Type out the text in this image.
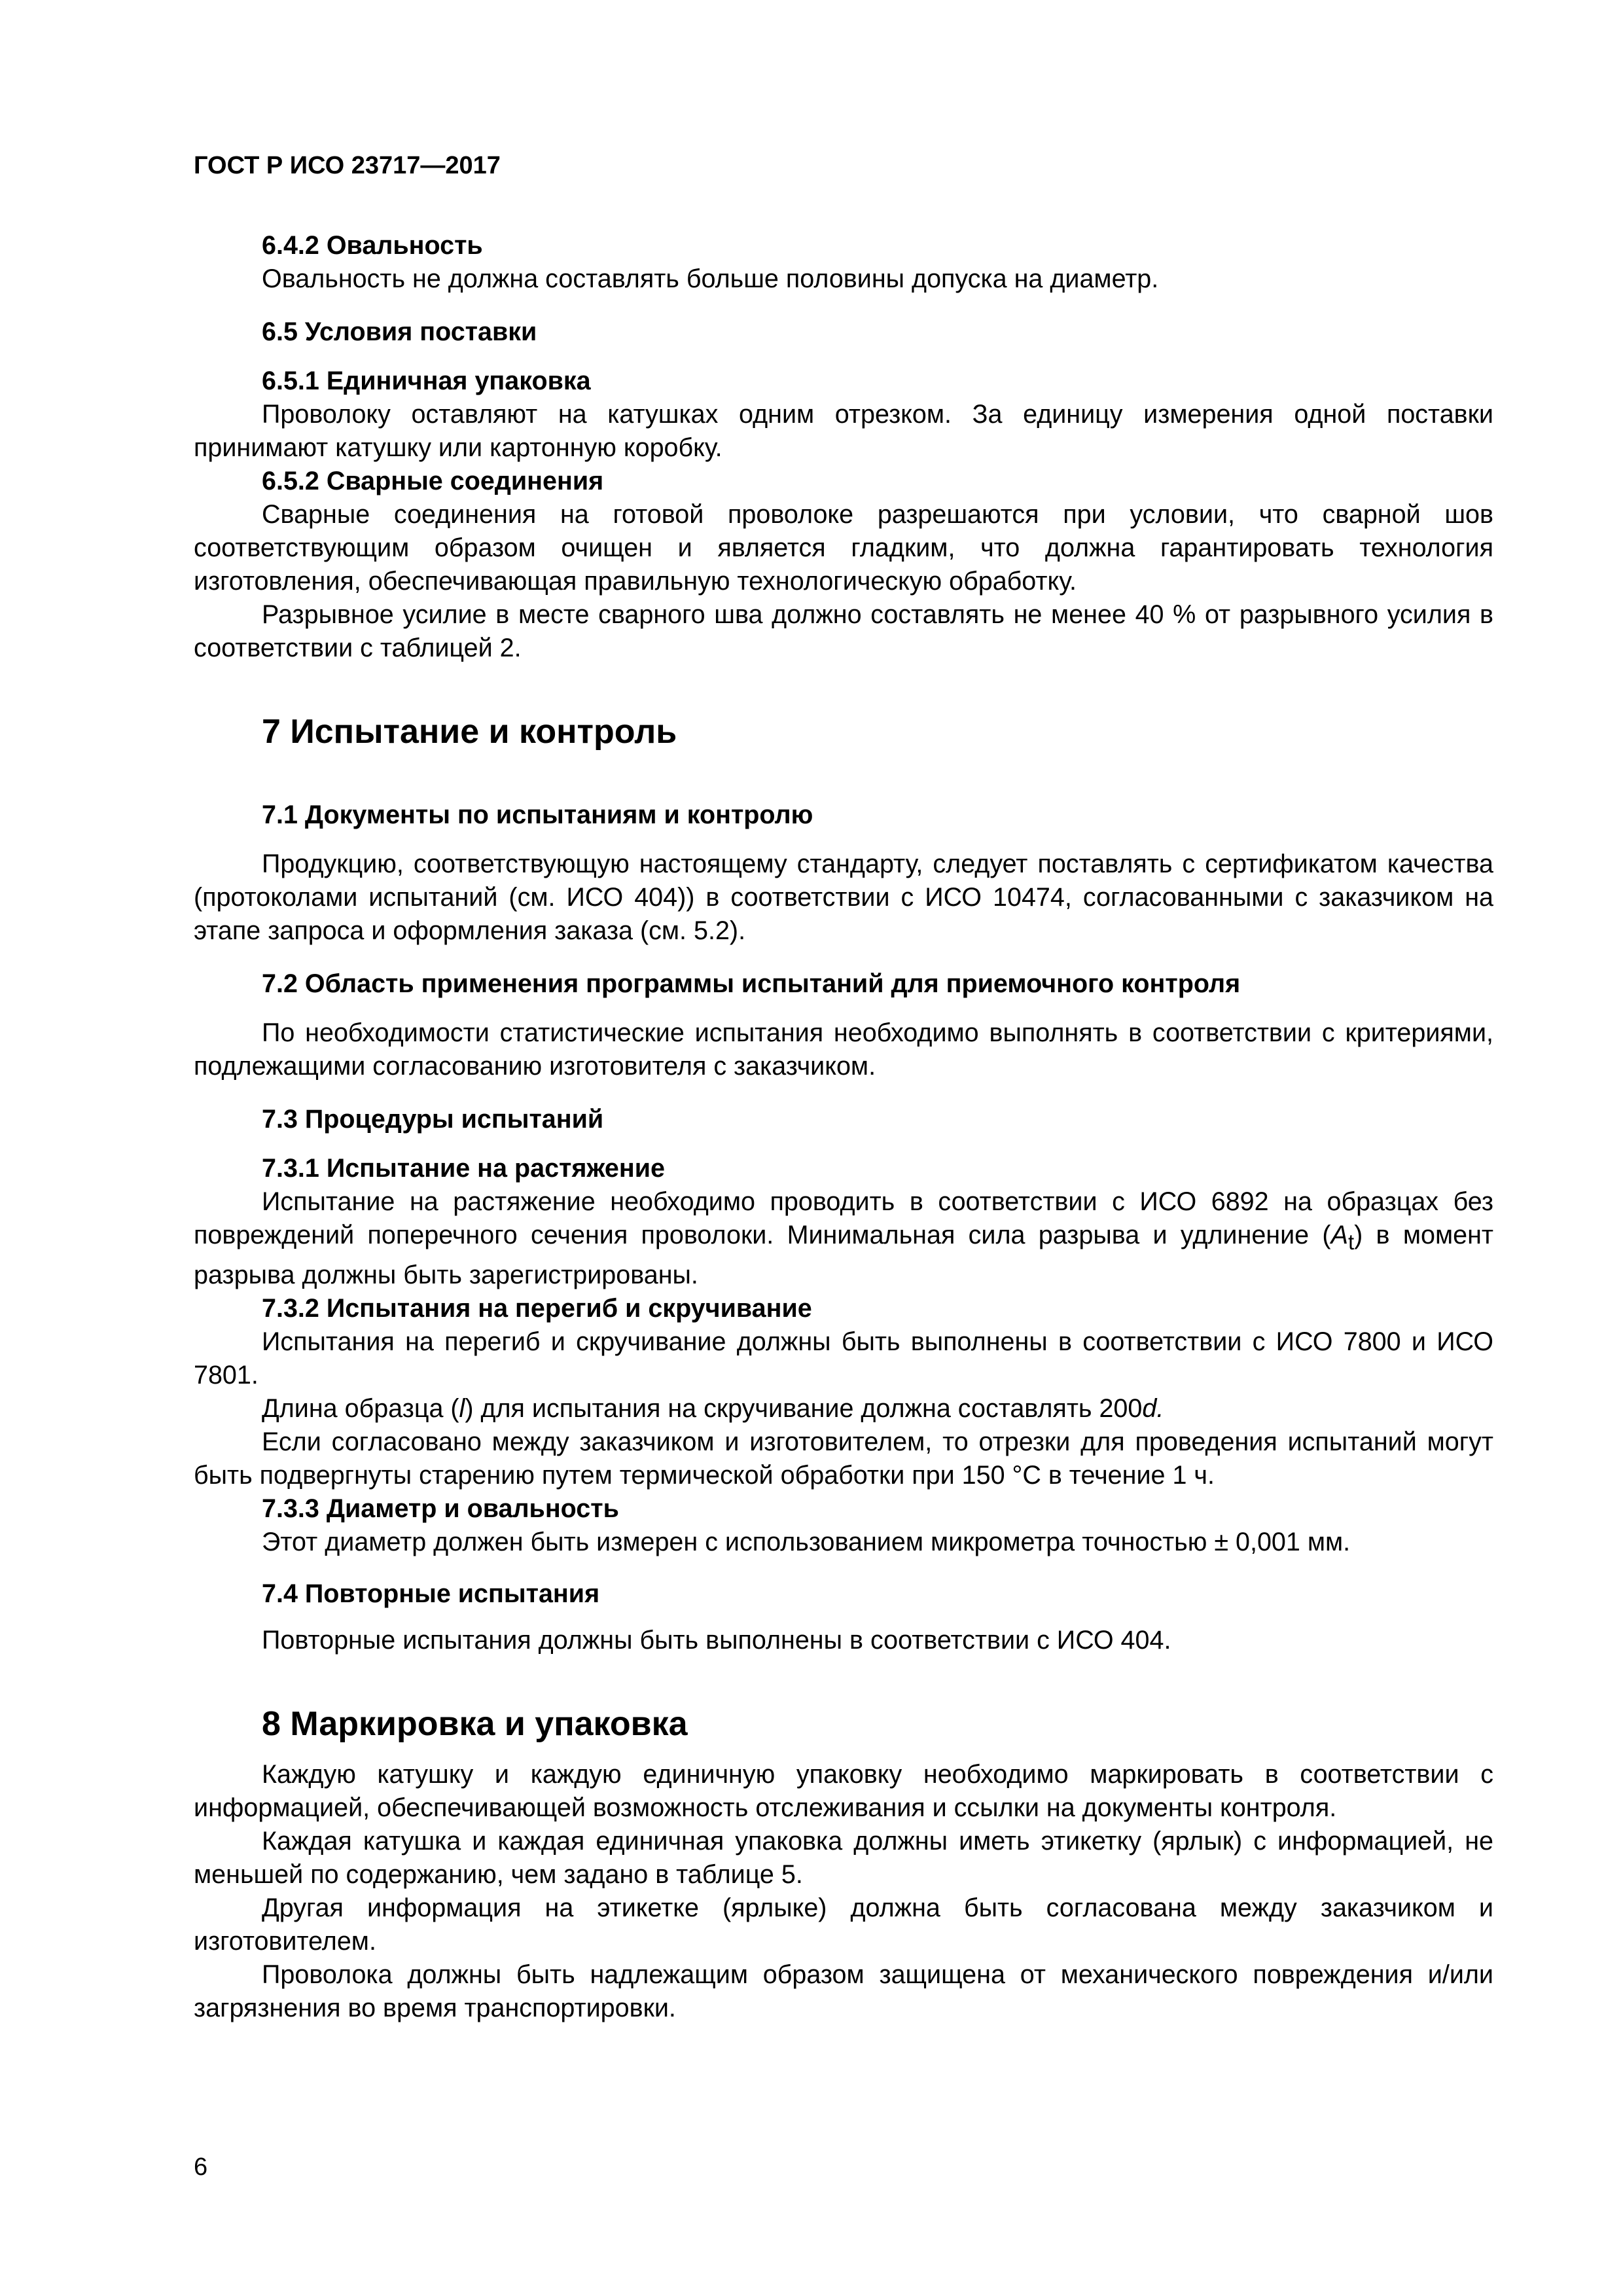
ГОСТ Р ИСО 23717—2017
6.4.2 Овальность

Овальность не должна составлять больше половины допуска на диаметр.

6.5 Условия поставки
6.5.1 Единичная упаковка

Проволоку оставляют на катушках одним отрезком. За единицу измерения одной поставки принимают катушку или картонную коробку.

6.5.2 Сварные соединения

Сварные соединения на готовой проволоке разрешаются при условии, что сварной шов соответствующим образом очищен и является гладким, что должна гарантировать технология изготовления, обеспечивающая правильную технологическую обработку.

Разрывное усилие в месте сварного шва должно составлять не менее 40 % от разрывного усилия в соответствии с таблицей 2.

7 Испытание и контроль
7.1 Документы по испытаниям и контролю

Продукцию, соответствующую настоящему стандарту, следует поставлять с сертификатом качества (протоколами испытаний (см. ИСО 404)) в соответствии с ИСО 10474, согласованными с заказчиком на этапе запроса и оформления заказа (см. 5.2).

7.2 Область применения программы испытаний для приемочного контроля

По необходимости статистические испытания необходимо выполнять в соответствии с критериями, подлежащими согласованию изготовителя с заказчиком.

7.3 Процедуры испытаний
7.3.1 Испытание на растяжение

Испытание на растяжение необходимо проводить в соответствии с ИСО 6892 на образцах без повреждений поперечного сечения проволоки. Минимальная сила разрыва и удлинение $(A_t)$ в момент разрыва должны быть зарегистрированы.

7.3.2 Испытания на перегиб и скручивание

Испытания на перегиб и скручивание должны быть выполнены в соответствии с ИСО 7800 и ИСО 7801.

Длина образца (l) для испытания на скручивание должна составлять 200d.

Если согласовано между заказчиком и изготовителем, то отрезки для проведения испытаний могут быть подвергнуты старению путем термической обработки при 150 °С в течение 1 ч.

7.3.3 Диаметр и овальность

Этот диаметр должен быть измерен с использованием микрометра точностью ± 0,001 мм.

7.4 Повторные испытания

Повторные испытания должны быть выполнены в соответствии с ИСО 404.

8 Маркировка и упаковка

Каждую катушку и каждую единичную упаковку необходимо маркировать в соответствии с информацией, обеспечивающей возможность отслеживания и ссылки на документы контроля.

Каждая катушка и каждая единичная упаковка должны иметь этикетку (ярлык) с информацией, не меньшей по содержанию, чем задано в таблице 5.

Другая информация на этикетке (ярлыке) должна быть согласована между заказчиком и изготовителем.

Проволока должны быть надлежащим образом защищена от механического повреждения и/или загрязнения во время транспортировки.

6
